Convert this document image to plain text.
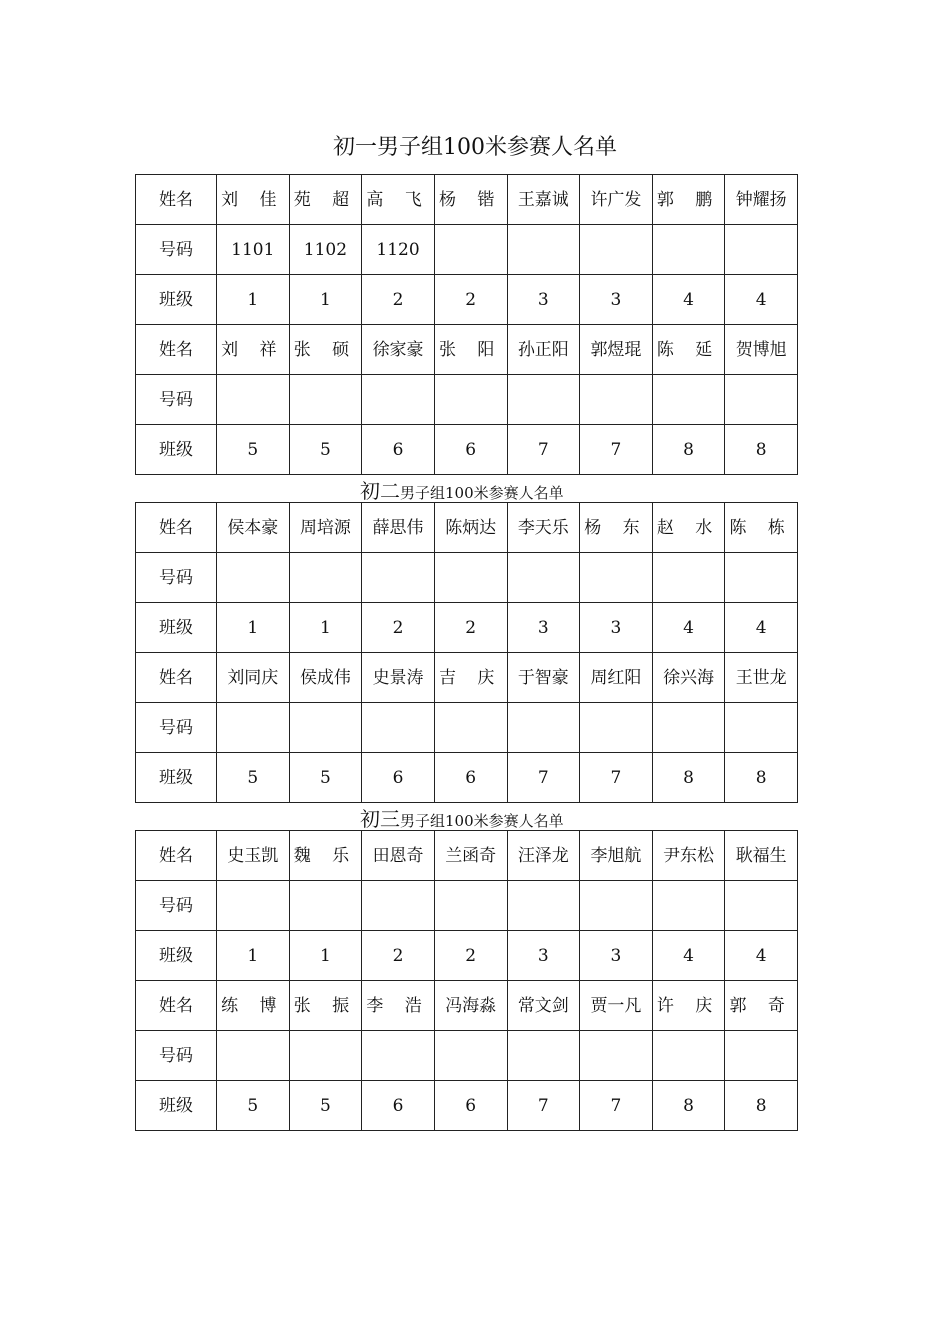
初一男子组100米参赛人名单
姓名	刘 佳	苑 超	高 飞	杨 锴	王嘉诚	许广发	郭 鹏	钟耀扬
号码	1101	1102	1120					
班级	1	1	2	2	3	3	4	4
姓名	刘 祥	张 硕	徐家豪	张 阳	孙正阳	郭煜琨	陈 延	贺博旭
号码								
班级	5	5	6	6	7	7	8	8
初二男子组100米参赛人名单
姓名	侯本豪	周培源	薛思伟	陈炳达	李天乐	杨 东	赵 水	陈 栋
号码								
班级	1	1	2	2	3	3	4	4
姓名	刘同庆	侯成伟	史景涛	吉 庆	于智豪	周红阳	徐兴海	王世龙
号码								
班级	5	5	6	6	7	7	8	8
初三男子组100米参赛人名单
姓名	史玉凯	魏 乐	田恩奇	兰函奇	汪泽龙	李旭航	尹东松	耿福生
号码								
班级	1	1	2	2	3	3	4	4
姓名	练 博	张 振	李 浩	冯海淼	常文剑	贾一凡	许 庆	郭 奇
号码								
班级	5	5	6	6	7	7	8	8
